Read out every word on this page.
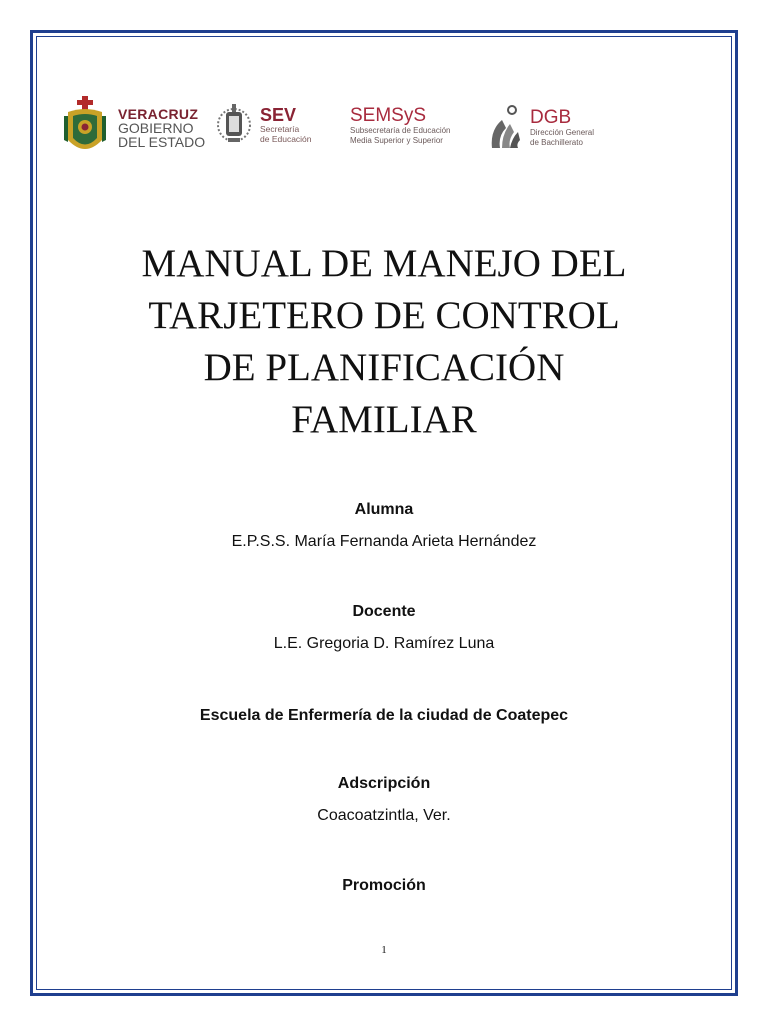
VERACRUZ
GOBIERNO
DEL ESTADO
SEV
Secretaría
de Educación
SEMSyS
Subsecretaría de Educación
Media Superior y Superior
DGB
Dirección General
de Bachillerato
MANUAL DE MANEJO DEL
TARJETERO DE CONTROL
DE PLANIFICACIÓN
FAMILIAR
Alumna
E.P.S.S. María Fernanda Arieta Hernández
Docente
L.E. Gregoria D. Ramírez Luna
Escuela de Enfermería de la ciudad de Coatepec
Adscripción
Coacoatzintla, Ver.
Promoción
1
